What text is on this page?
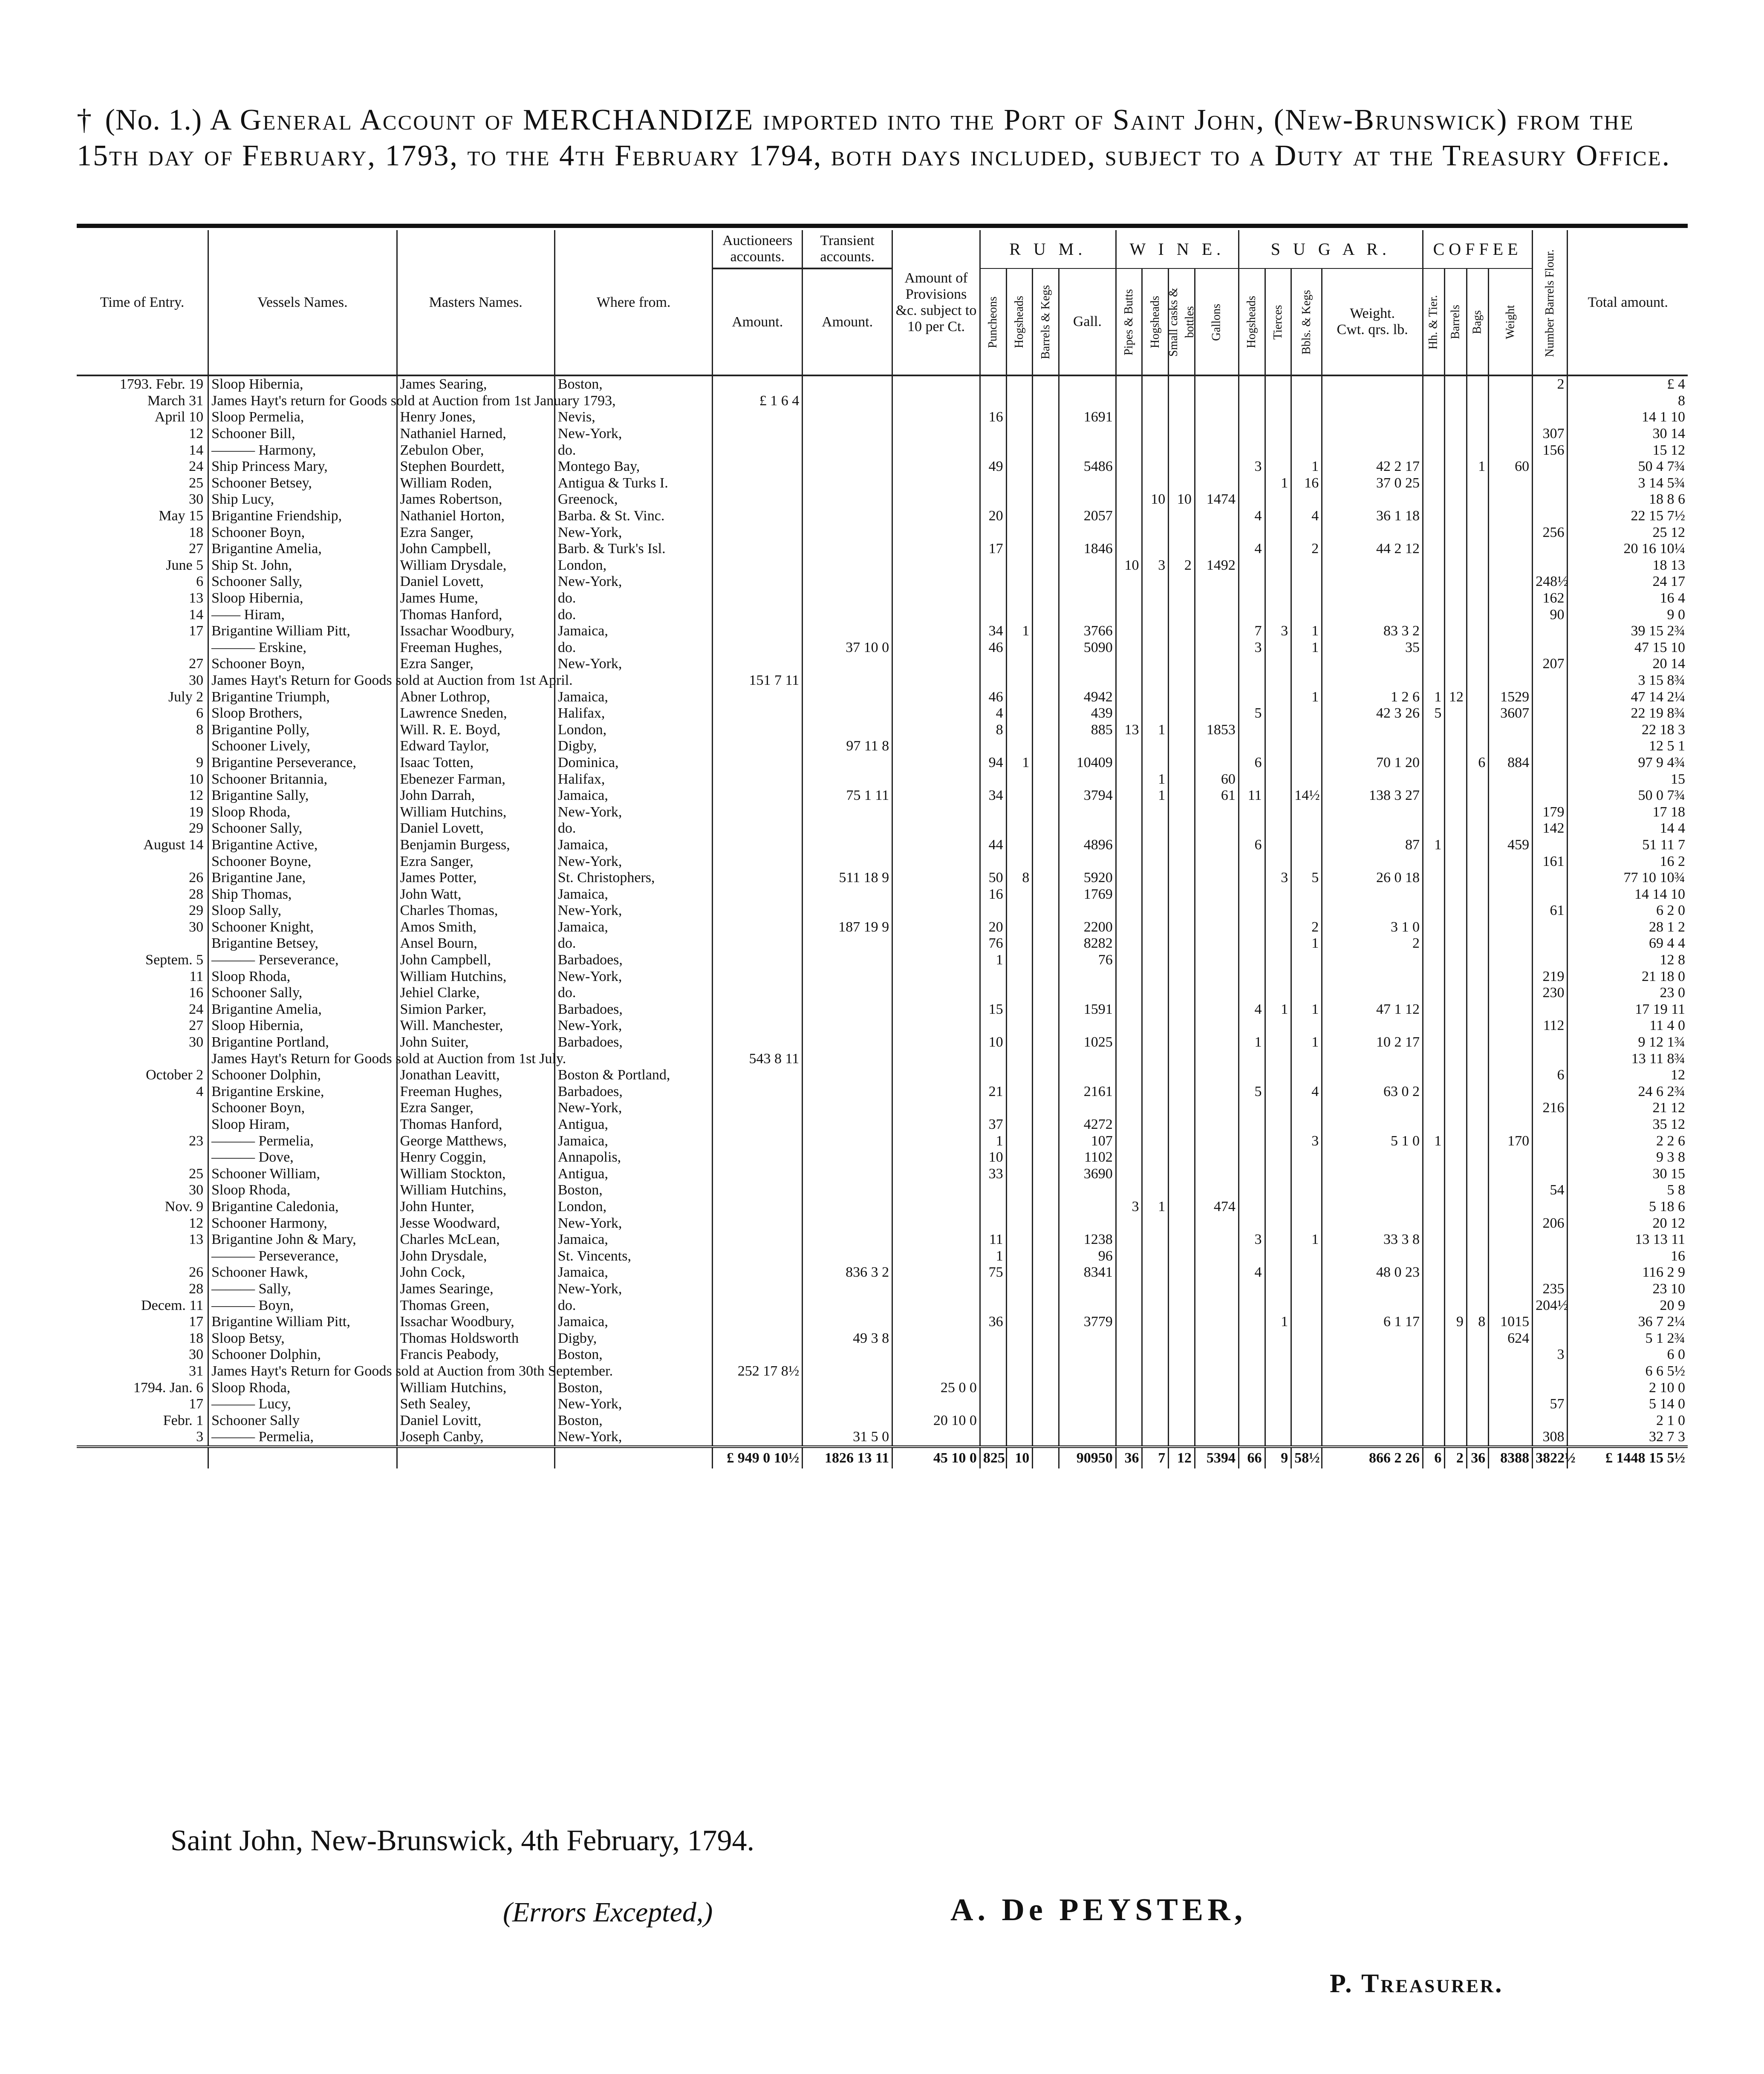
† (No. 1.) A General Account of MERCHANDIZE imported into the Port of Saint John, (New-Brunswick) from the 15th day of February, 1793, to the 4th February 1794, both days included, subject to a Duty at the Treasury Office.
Time of Entry.	Vessels Names.	Masters Names.	Where from.	Auctioneers accounts.	Transient accounts.	Amount of Provisions &c. subject to 10 per Ct.	R U M.				W I N E.				S U G A R.				COFFEE				Number Barrels Flour.	Total amount.
				Amount.	Amount.		Puncheons	Hogsheads	Barrels & Kegs	Gall.	Pipes & Butts	Hogsheads	Small casks & bottles	Gallons	Hogsheads	Tierces	Bbls. & Kegs	Weight.
Cwt. qrs. lb.	Hh. & Tier.	Barrels	Bags	Weight		
1793. Febr. 19	Sloop Hibernia,	James Searing,	Boston,																				2	£ 4
March 31	James Hayt's return for Goods sold at Auction from 1st January 1793,			£ 1 6 4																				8
April 10	Sloop Permelia,	Henry Jones,	Nevis,				16			1691														14 1 10
12	Schooner Bill,	Nathaniel Harned,	New-York,																				307	30 14
14	——— Harmony,	Zebulon Ober,	do.																				156	15 12
24	Ship Princess Mary,	Stephen Bourdett,	Montego Bay,				49			5486					3		1	42 2 17			1	60		50 4 7¾
25	Schooner Betsey,	William Roden,	Antigua & Turks I.													1	16	37 0 25						3 14 5¾
30	Ship Lucy,	James Robertson,	Greenock,									10	10	1474										18 8 6
May 15	Brigantine Friendship,	Nathaniel Horton,	Barba. & St. Vinc.				20			2057					4		4	36 1 18						22 15 7½
18	Schooner Boyn,	Ezra Sanger,	New-York,																				256	25 12
27	Brigantine Amelia,	John Campbell,	Barb. & Turk's Isl.				17			1846					4		2	44 2 12						20 16 10¼
June 5	Ship St. John,	William Drysdale,	London,								10	3	2	1492										18 13
6	Schooner Sally,	Daniel Lovett,	New-York,																				248½	24 17
13	Sloop Hibernia,	James Hume,	do.																				162	16 4
14	—— Hiram,	Thomas Hanford,	do.																				90	9 0
17	Brigantine William Pitt,	Issachar Woodbury,	Jamaica,				34	1		3766					7	3	1	83 3 2						39 15 2¾
	——— Erskine,	Freeman Hughes,	do.		37 10 0		46			5090					3		1	35						47 15 10
27	Schooner Boyn,	Ezra Sanger,	New-York,																				207	20 14
30	James Hayt's Return for Goods sold at Auction from 1st April.			151 7 11																				3 15 8¾
July 2	Brigantine Triumph,	Abner Lothrop,	Jamaica,				46			4942							1	1 2 6	1	12		1529		47 14 2¼
6	Sloop Brothers,	Lawrence Sneden,	Halifax,				4			439					5			42 3 26	5			3607		22 19 8¾
8	Brigantine Polly,	Will. R. E. Boyd,	London,				8			885	13	1		1853										22 18 3
	Schooner Lively,	Edward Taylor,	Digby,		97 11 8																			12 5 1
9	Brigantine Perseverance,	Isaac Totten,	Dominica,				94	1		10409					6			70 1 20			6	884		97 9 4¾
10	Schooner Britannia,	Ebenezer Farman,	Halifax,									1		60										15
12	Brigantine Sally,	John Darrah,	Jamaica,		75 1 11		34			3794		1		61	11		14½	138 3 27						50 0 7¾
19	Sloop Rhoda,	William Hutchins,	New-York,																				179	17 18
29	Schooner Sally,	Daniel Lovett,	do.																				142	14 4
August 14	Brigantine Active,	Benjamin Burgess,	Jamaica,				44			4896					6			87	1			459		51 11 7
	Schooner Boyne,	Ezra Sanger,	New-York,																				161	16 2
26	Brigantine Jane,	James Potter,	St. Christophers,		511 18 9		50	8		5920						3	5	26 0 18						77 10 10¾
28	Ship Thomas,	John Watt,	Jamaica,				16			1769														14 14 10
29	Sloop Sally,	Charles Thomas,	New-York,																				61	6 2 0
30	Schooner Knight,	Amos Smith,	Jamaica,		187 19 9		20			2200							2	3 1 0						28 1 2
	Brigantine Betsey,	Ansel Bourn,	do.				76			8282							1	2						69 4 4
Septem. 5	——— Perseverance,	John Campbell,	Barbadoes,				1			76														12 8
11	Sloop Rhoda,	William Hutchins,	New-York,																				219	21 18 0
16	Schooner Sally,	Jehiel Clarke,	do.																				230	23 0
24	Brigantine Amelia,	Simion Parker,	Barbadoes,				15			1591					4	1	1	47 1 12						17 19 11
27	Sloop Hibernia,	Will. Manchester,	New-York,																				112	11 4 0
30	Brigantine Portland,	John Suiter,	Barbadoes,				10			1025					1		1	10 2 17						9 12 1¾
	James Hayt's Return for Goods sold at Auction from 1st July.			543 8 11																				13 11 8¾
October 2	Schooner Dolphin,	Jonathan Leavitt,	Boston & Portland,																				6	12
4	Brigantine Erskine,	Freeman Hughes,	Barbadoes,				21			2161					5		4	63 0 2						24 6 2¾
	Schooner Boyn,	Ezra Sanger,	New-York,																				216	21 12
	Sloop Hiram,	Thomas Hanford,	Antigua,				37			4272														35 12
23	——— Permelia,	George Matthews,	Jamaica,				1			107							3	5 1 0	1			170		2 2 6
	——— Dove,	Henry Coggin,	Annapolis,				10			1102														9 3 8
25	Schooner William,	William Stockton,	Antigua,				33			3690														30 15
30	Sloop Rhoda,	William Hutchins,	Boston,																				54	5 8
Nov. 9	Brigantine Caledonia,	John Hunter,	London,								3	1		474										5 18 6
12	Schooner Harmony,	Jesse Woodward,	New-York,																				206	20 12
13	Brigantine John & Mary,	Charles McLean,	Jamaica,				11			1238					3		1	33 3 8						13 13 11
	——— Perseverance,	John Drysdale,	St. Vincents,				1			96														16
26	Schooner Hawk,	John Cock,	Jamaica,		836 3 2		75			8341					4			48 0 23						116 2 9
28	——— Sally,	James Searinge,	New-York,																				235	23 10
Decem. 11	——— Boyn,	Thomas Green,	do.																				204½	20 9
17	Brigantine William Pitt,	Issachar Woodbury,	Jamaica,				36			3779						1		6 1 17		9	8	1015		36 7 2¼
18	Sloop Betsy,	Thomas Holdsworth	Digby,		49 3 8																	624		5 1 2¾
30	Schooner Dolphin,	Francis Peabody,	Boston,																				3	6 0
31	James Hayt's Return for Goods sold at Auction from 30th September.			252 17 8½																				6 6 5½
1794. Jan. 6	Sloop Rhoda,	William Hutchins,	Boston,			25 0 0																		2 10 0
17	——— Lucy,	Seth Sealey,	New-York,																				57	5 14 0
Febr. 1	Schooner Sally	Daniel Lovitt,	Boston,			20 10 0																		2 1 0
3	——— Permelia,	Joseph Canby,	New-York,		31 5 0																		308	32 7 3
				£ 949 0 10½	1826 13 11	45 10 0	825	10		90950	36	7	12	5394	66	9	58½	866 2 26	6	2	36	8388	3822½	£ 1448 15 5½
Saint John, New-Brunswick, 4th February, 1794.
(Errors Excepted,)	A. De PEYSTER,
P. Treasurer.
